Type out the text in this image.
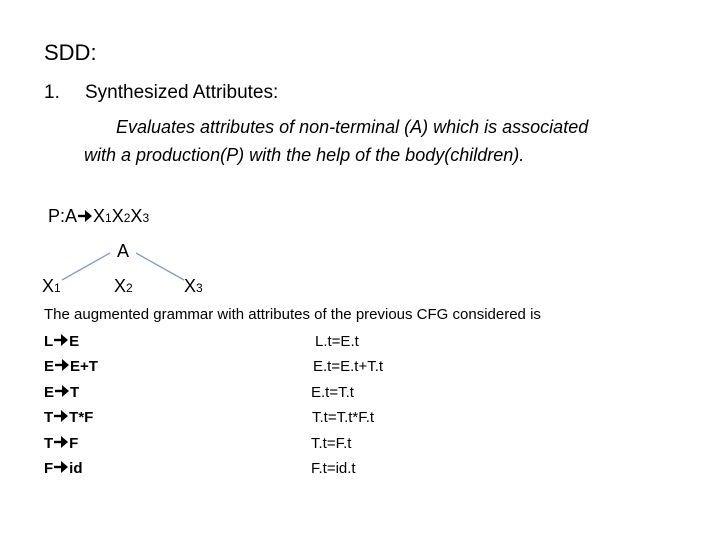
SDD:
1. Synthesized Attributes:
Evaluates attributes of non-terminal (A) which is associated
with a production(P) with the help of the body(children).
P:A X1X2X3
A
X1	X2	X3
The augmented grammar with attributes of the previous CFG considered is
L E	L.t=E.t
E E+T	E.t=E.t+T.t
E T	E.t=T.t
T T*F	T.t=T.t*F.t
T F	T.t=F.t
F id	F.t=id.t
